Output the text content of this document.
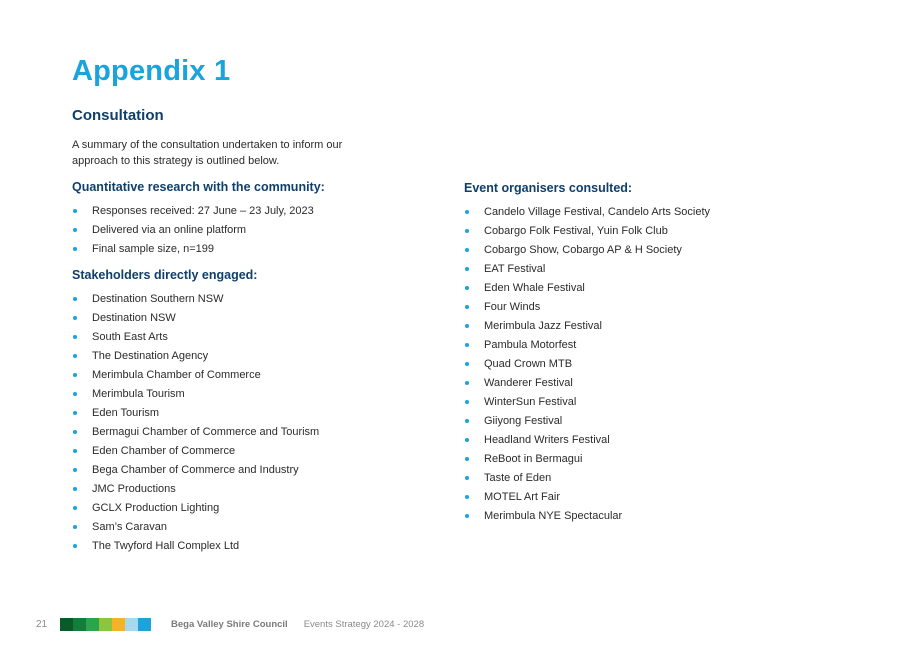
Appendix 1
Consultation

A summary of the consultation undertaken to inform our approach to this strategy is outlined below.

Quantitative research with the community:
Responses received: 27 June – 23 July, 2023
Delivered via an online platform
Final sample size, n=199
Stakeholders directly engaged:
Destination Southern NSW
Destination NSW
South East Arts
The Destination Agency
Merimbula Chamber of Commerce
Merimbula Tourism
Eden Tourism
Bermagui Chamber of Commerce and Tourism
Eden Chamber of Commerce
Bega Chamber of Commerce and Industry
JMC Productions
GCLX Production Lighting
Sam’s Caravan
The Twyford Hall Complex Ltd
Event organisers consulted:
Candelo Village Festival, Candelo Arts Society
Cobargo Folk Festival, Yuin Folk Club
Cobargo Show, Cobargo AP & H Society
EAT Festival
Eden Whale Festival
Four Winds
Merimbula Jazz Festival
Pambula Motorfest
Quad Crown MTB
Wanderer Festival
WinterSun Festival
Giiyong Festival
Headland Writers Festival
ReBoot in Bermagui
Taste of Eden
MOTEL Art Fair
Merimbula NYE Spectacular
21	Bega Valley Shire Council Events Strategy 2024 - 2028
